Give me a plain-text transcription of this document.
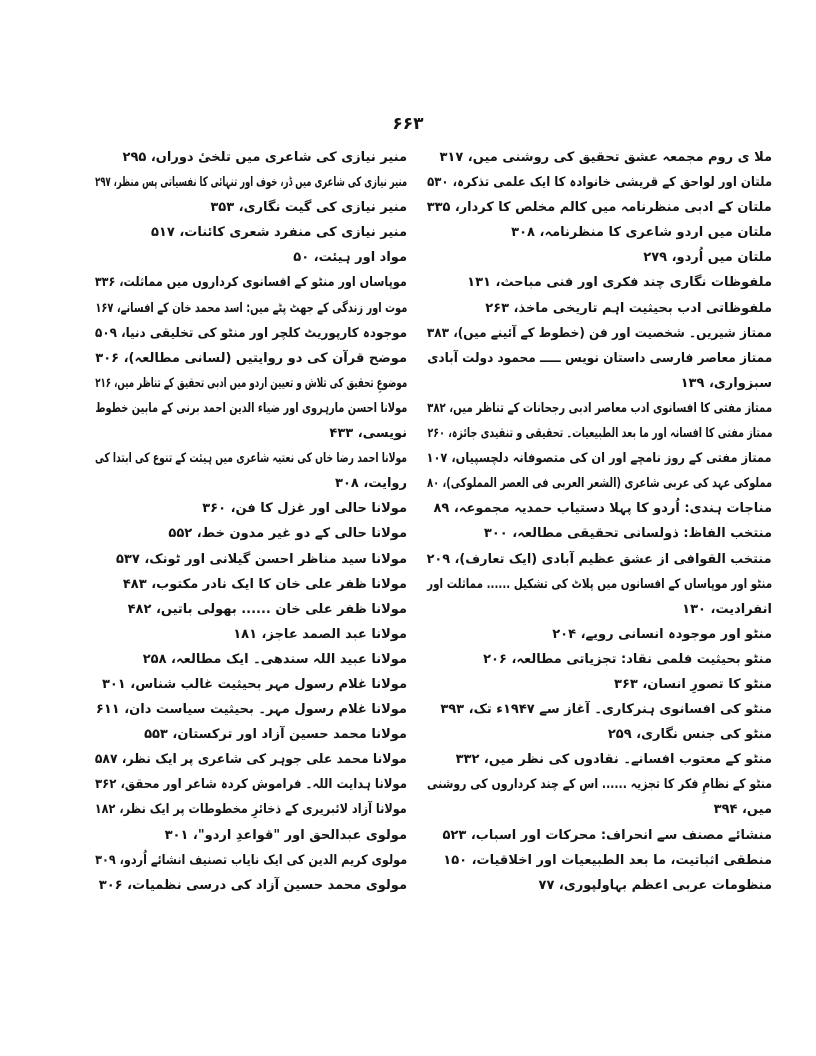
۶۶۳
ملا ی روم مجمعہ عشق تحقیق کی روشنی میں، ۳۱۷
ملتان اور لواحق کے قریشی خانوادہ کا ایک علمی تذکرہ، ۵۳۰
ملتان کے ادبی منظرنامہ میں کالم مخلص کا کردار، ۳۳۵
ملتان میں اردو شاعری کا منظرنامہ، ۳۰۸
ملتان میں اُردو، ۲۷۹
ملفوظات نگاری چند فکری اور فنی مباحث، ۱۳۱
ملفوظاتی ادب بحیثیت اہم تاریخی ماخذ، ۲۶۳
ممتاز شیریں۔ شخصیت اور فن (خطوط کے آئینے میں)، ۳۸۳
ممتاز معاصر فارسی داستان نویس ـــــ محمود دولت آبادی
سبزواری، ۱۳۹
ممتاز مفتی کا افسانوی ادب معاصر ادبی رجحانات کے تناظر میں، ۳۸۲
ممتاز مفتی کا افسانہ اور ما بعد الطبیعیات۔ تحقیقی و تنقیدی جائزہ، ۲۶۰
ممتاز مفتی کے روز نامچے اور ان کی متصوفانہ دلچسپیاں، ۱۰۷
مملوکی عہد کی عربی شاعری (الشعر العربی فی العصر المملوکی)، ۸۰
مناجات ہندی: اُردو کا پہلا دستیاب حمدیہ مجموعہ، ۸۹
منتخب الفاظ: ذولسانی تحقیقی مطالعہ، ۳۰۰
منتخب القوافی از عشق عظیم آبادی (ایک تعارف)، ۲۰۹
منٹو اور موپاساں کے افسانوں میں پلاٹ کی تشکیل ...... مماثلت اور
انفرادیت، ۱۳۰
منٹو اور موجودہ انسانی رویے، ۲۰۴
منٹو بحیثیت فلمی نقاد: تجزیاتی مطالعہ، ۲۰۶
منٹو کا تصورِ انسان، ۳۶۳
منٹو کی افسانوی ہنرکاری۔ آغاز سے ۱۹۴۷ء تک، ۳۹۳
منٹو کی جنس نگاری، ۲۵۹
منٹو کے معتوب افسانے۔ نقادوں کی نظر میں، ۳۳۲
منٹو کے نظامِ فکر کا تجزیہ ...... اس کے چند کرداروں کی روشنی
میں، ۳۹۴
منشائے مصنف سے انحراف: محرکات اور اسباب، ۵۲۳
منطقی اثباتیت، ما بعد الطبیعیات اور اخلاقیات، ۱۵۰
منظومات عربی اعظم بہاولپوری، ۷۷
منیر نیازی کی شاعری میں تلخیٔ دوراں، ۲۹۵
منیر نیازی کی شاعری میں ڈر، خوف اور تنہائی کا نفسیاتی پس منظر، ۲۹۷
منیر نیازی کی گیت نگاری، ۳۵۳
منیر نیازی کی منفرد شعری کائنات، ۵۱۷
مواد اور ہیئت، ۵۰
موپاساں اور منٹو کے افسانوی کرداروں میں مماثلت، ۳۳۶
موت اور زندگی کے جھٹ پٹے میں: اسد محمد خان کے افسانے، ۱۶۷
موجودہ کارپوریٹ کلچر اور منٹو کی تخلیقی دنیا، ۵۰۹
موضح قرآن کی دو روایتیں (لسانی مطالعہ)، ۳۰۶
موضوعِ تحقیق کی تلاش و تعیین اردو میں ادبی تحقیق کے تناظر میں، ۲۱۶
مولانا احسن مارہروی اور ضیاء الدین احمد برنی کے مابین خطوط
نویسی، ۴۳۳
مولانا احمد رضا خاں کی نعتیہ شاعری میں ہیئت کے تنوع کی ابتدا کی
روایت، ۳۰۸
مولانا حالی اور غزل کا فن، ۳۶۰
مولانا حالی کے دو غیر مدون خط، ۵۵۲
مولانا سید مناظر احسن گیلانی اور ٹونک، ۵۳۷
مولانا ظفر علی خان کا ایک نادر مکتوب، ۴۸۳
مولانا ظفر علی خان ...... بھولی باتیں، ۴۸۲
مولانا عبد الصمد عاجز، ۱۸۱
مولانا عبید اللہ سندھی۔ ایک مطالعہ، ۲۵۸
مولانا غلام رسول مہر بحیثیت غالب شناس، ۳۰۱
مولانا غلام رسول مہر۔ بحیثیت سیاست دان، ۶۱۱
مولانا محمد حسین آزاد اور ترکستان، ۵۵۳
مولانا محمد علی جوہر کی شاعری پر ایک نظر، ۵۸۷
مولانا ہدایت اللہ۔ فراموش کردہ شاعر اور محقق، ۳۶۲
مولانا آزاد لائبریری کے ذخائرِ مخطوطات پر ایک نظر، ۱۸۲
مولوی عبدالحق اور "قواعدِ اردو"، ۳۰۱
مولوی کریم الدین کی ایک نایاب تصنیف انشائے اُردو، ۳۰۹
مولوی محمد حسین آزاد کی درسی نظمیات، ۳۰۶
